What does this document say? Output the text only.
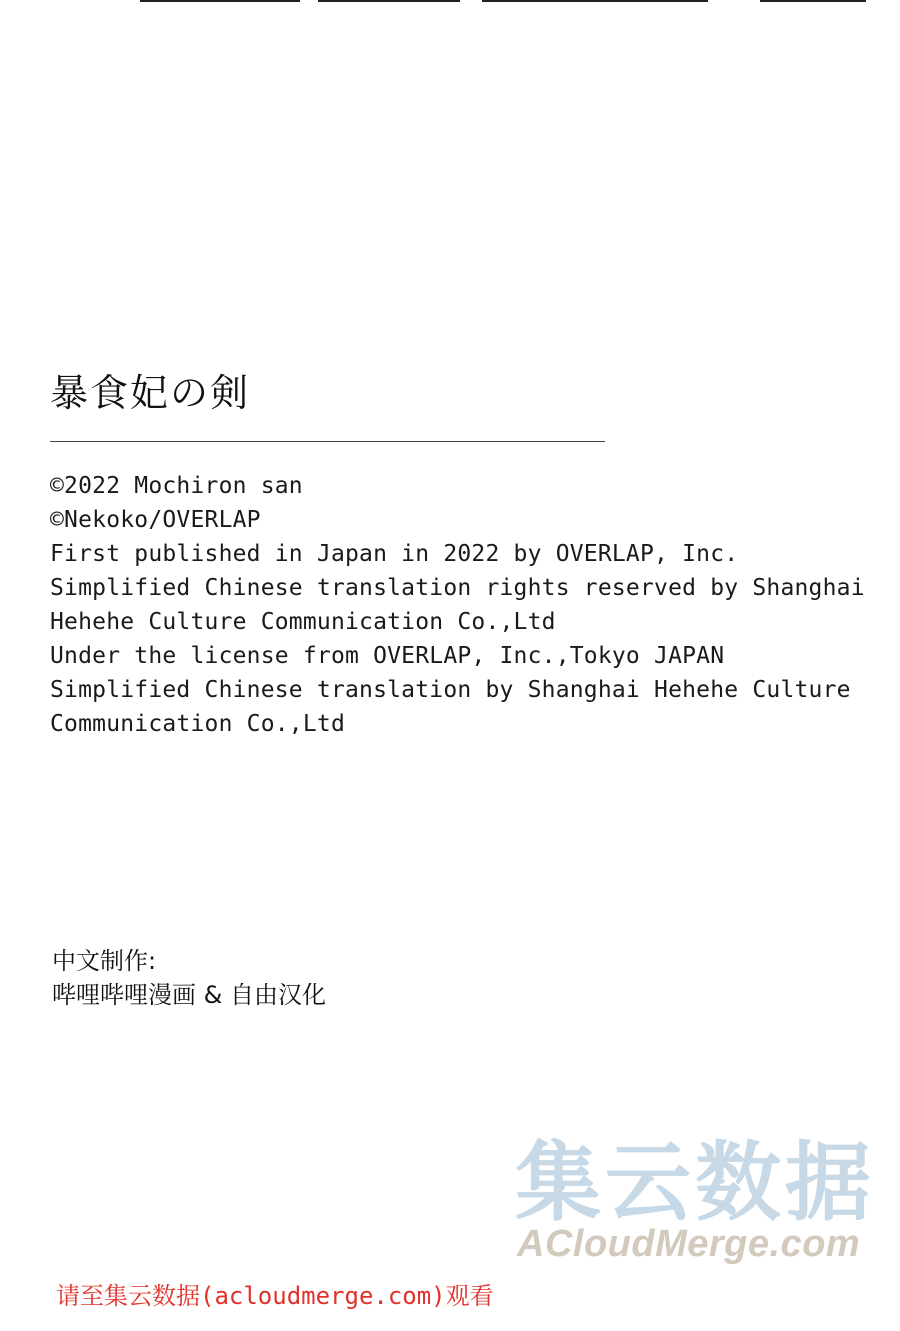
暴食妃の剣
©2022 Mochiron san
©Nekoko/OVERLAP
First published in Japan in 2022 by OVERLAP, Inc.
Simplified Chinese translation rights reserved by Shanghai
Hehehe Culture Communication Co.,Ltd
Under the license from OVERLAP, Inc.,Tokyo JAPAN
Simplified Chinese translation by Shanghai Hehehe Culture
Communication Co.,Ltd
中文制作:
哔哩哔哩漫画 & 自由汉化
集云数据
ACloudMerge.com
请至集云数据(acloudmerge.com)观看
